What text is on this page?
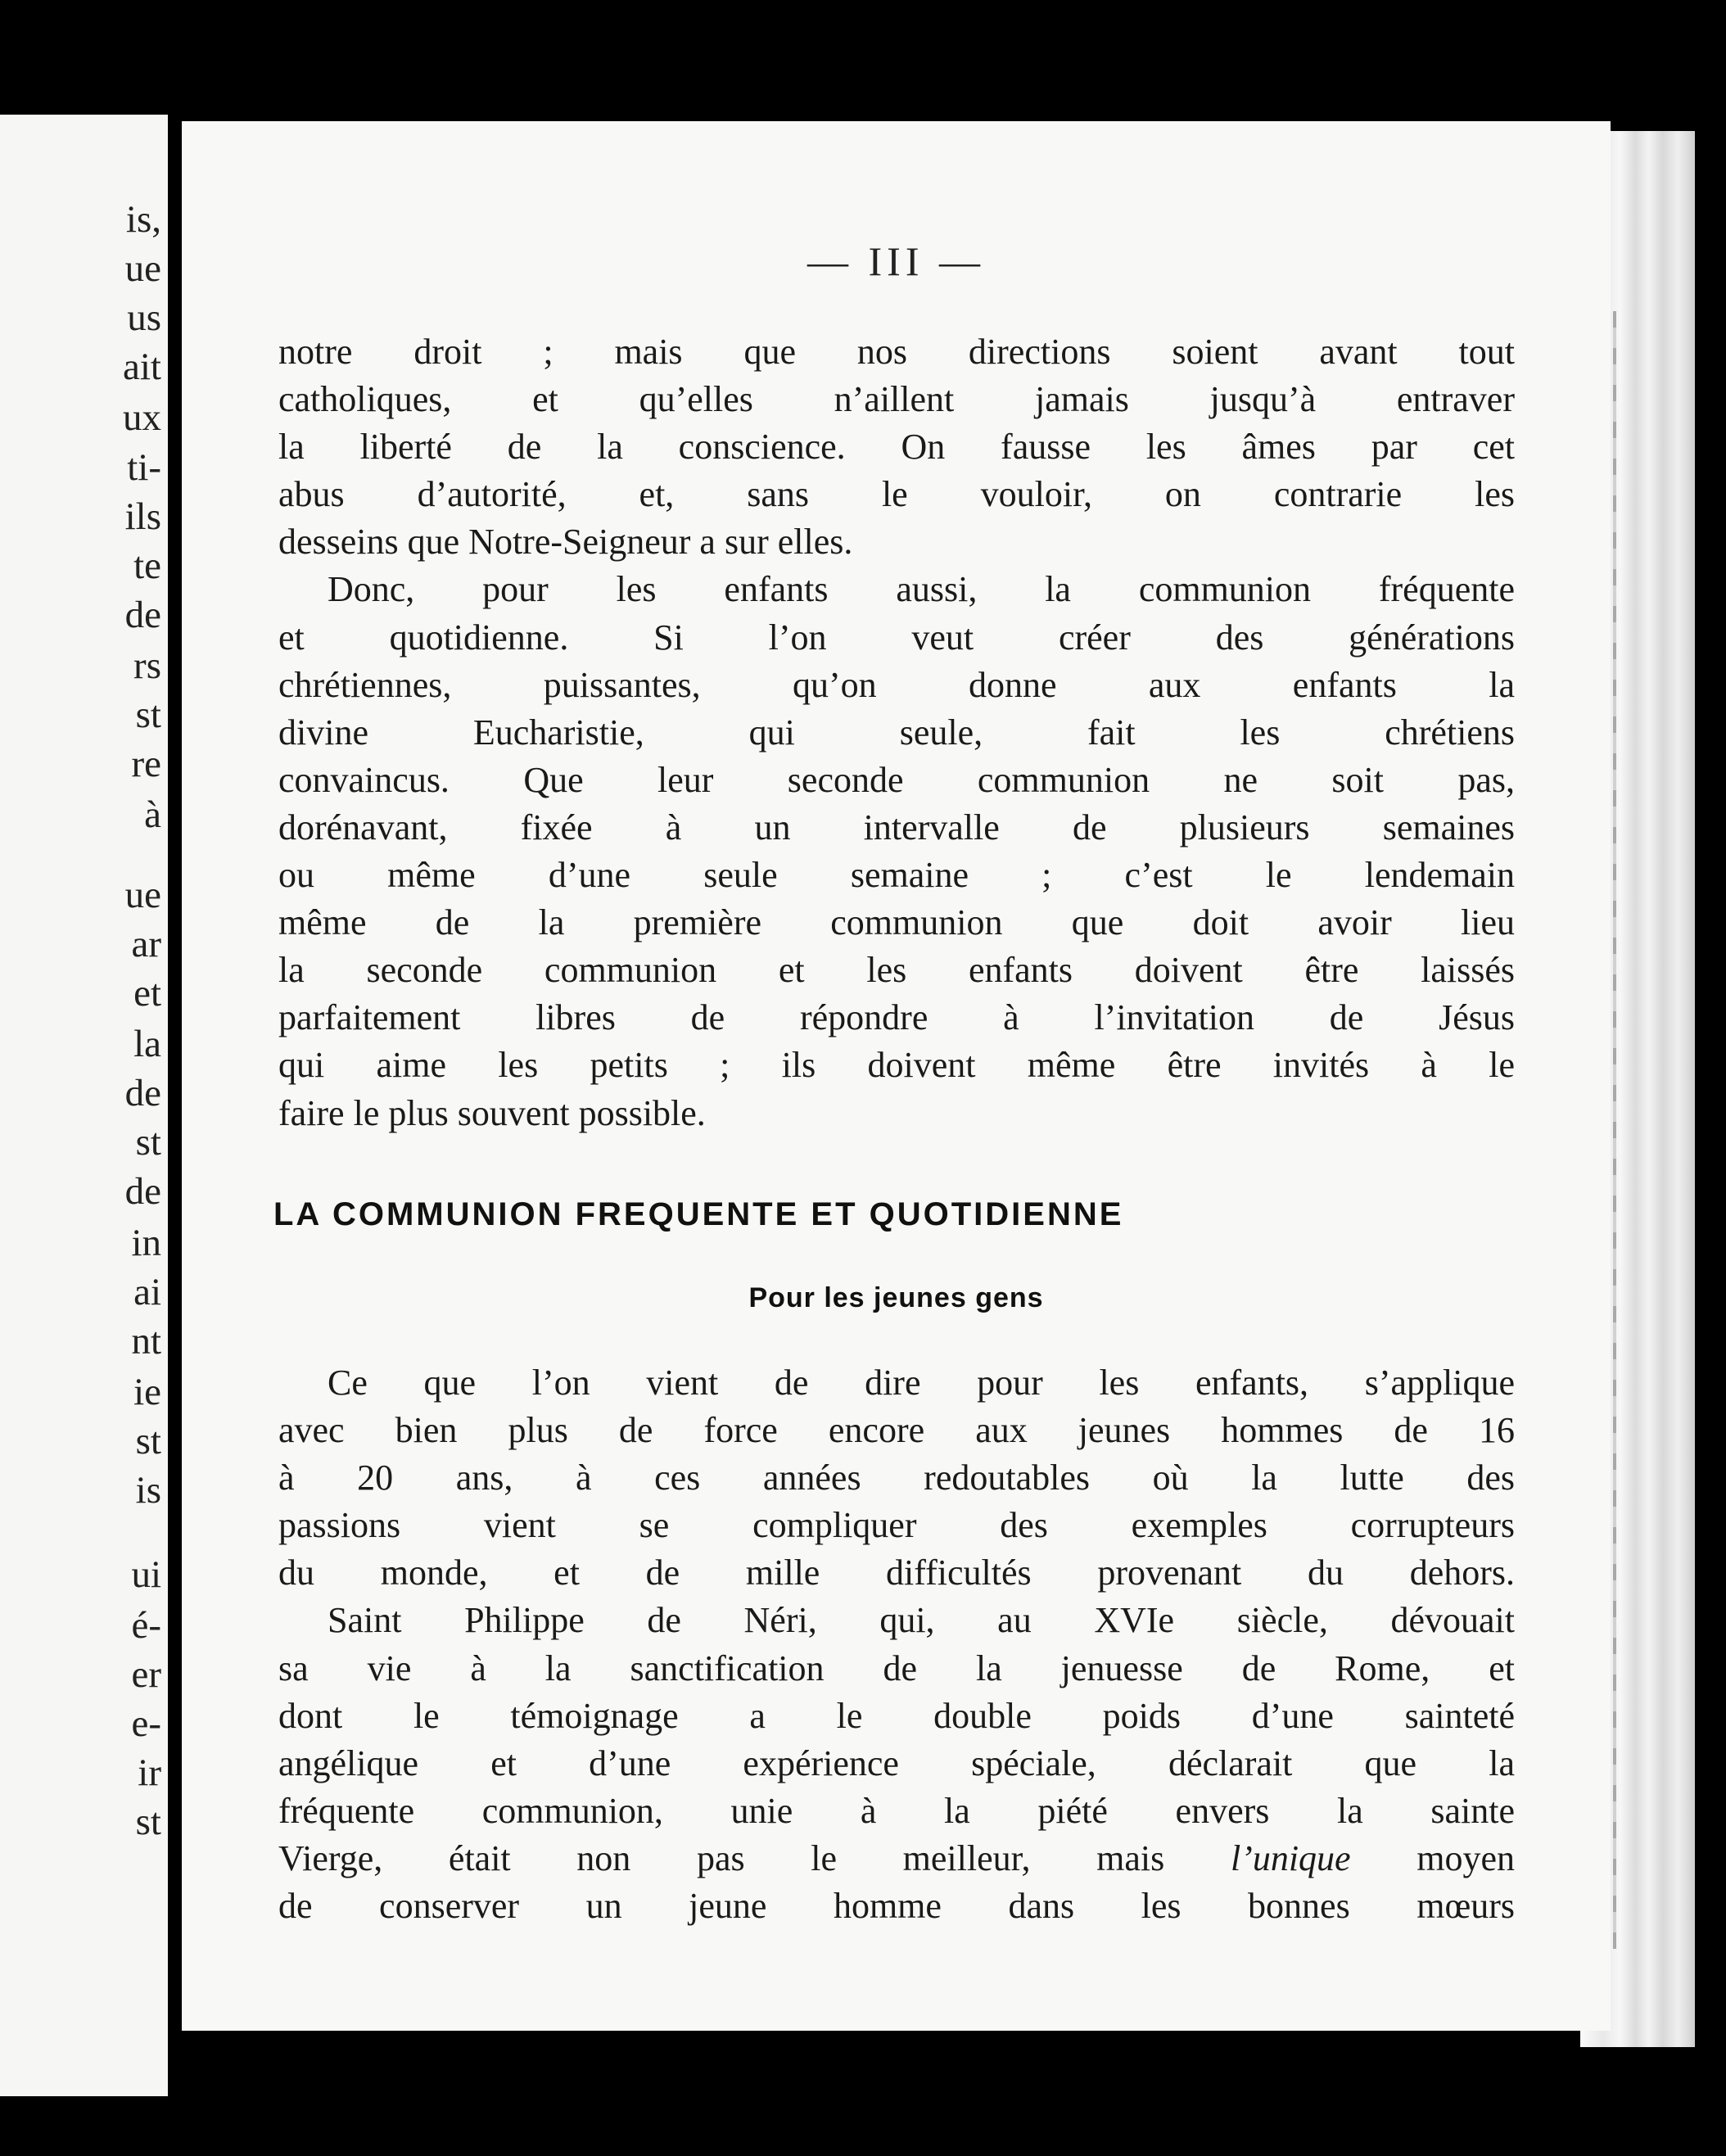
is,
ue
us
ait
ux
ti-
ils
te
de
rs
st
re
à
ue
ar
et
la
de
st
de
in
ai
nt
ie
st
is
ui
é-
er
e-
ir
st
— III —

notre droit ; mais que nos directions soient avant tout

catholiques, et qu’elles n’aillent jamais jusqu’à entraver

la liberté de la conscience. On fausse les âmes par cet

abus d’autorité, et, sans le vouloir, on contrarie les

desseins que Notre-Seigneur a sur elles.

Donc, pour les enfants aussi, la communion fréquente

et quotidienne. Si l’on veut créer des générations

chrétiennes, puissantes, qu’on donne aux enfants la

divine Eucharistie, qui seule, fait les chrétiens

convaincus. Que leur seconde communion ne soit pas,

dorénavant, fixée à un intervalle de plusieurs semaines

ou même d’une seule semaine ; c’est le lendemain

même de la première communion que doit avoir lieu

la seconde communion et les enfants doivent être laissés

parfaitement libres de répondre à l’invitation de Jésus

qui aime les petits ; ils doivent même être invités à le

faire le plus souvent possible.

LA COMMUNION FREQUENTE ET QUOTIDIENNE
Pour les jeunes gens

Ce que l’on vient de dire pour les enfants, s’applique

avec bien plus de force encore aux jeunes hommes de 16

à 20 ans, à ces années redoutables où la lutte des

passions vient se compliquer des exemples corrupteurs

du monde, et de mille difficultés provenant du dehors.

Saint Philippe de Néri, qui, au XVIe siècle, dévouait

sa vie à la sanctification de la jenuesse de Rome, et

dont le témoignage a le double poids d’une sainteté

angélique et d’une expérience spéciale, déclarait que la

fréquente communion, unie à la piété envers la sainte

Vierge, était non pas le meilleur, mais l’unique moyen

de conserver un jeune homme dans les bonnes mœurs
